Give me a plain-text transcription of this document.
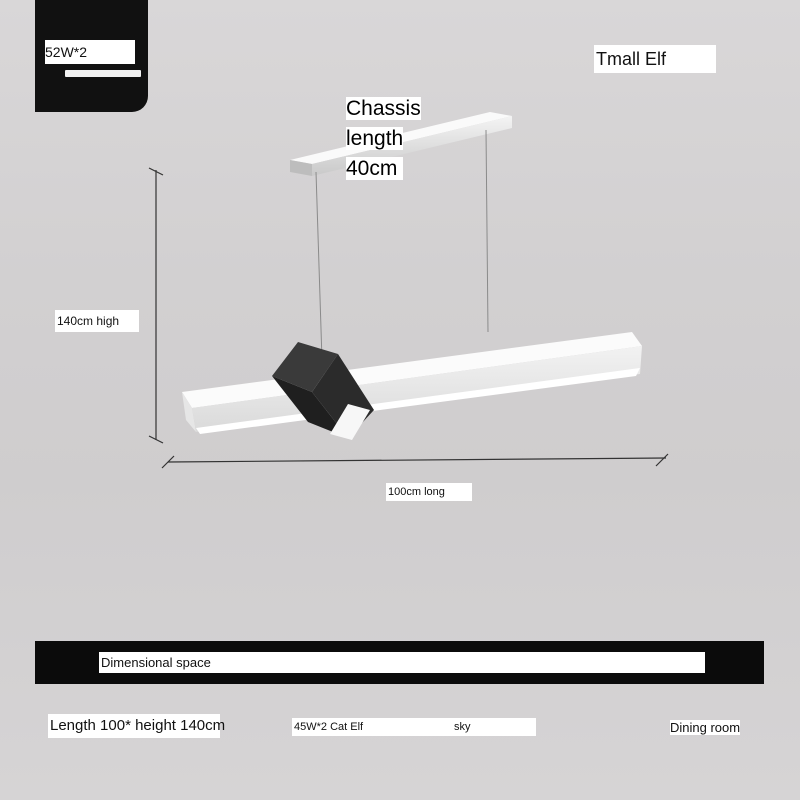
52W*2	Tmall Elf
Chassis length 40cm
140cm high
100cm long
Dimensional space
Length 100* height 140cm	45W*2 Cat Elf	sky	Dining room
